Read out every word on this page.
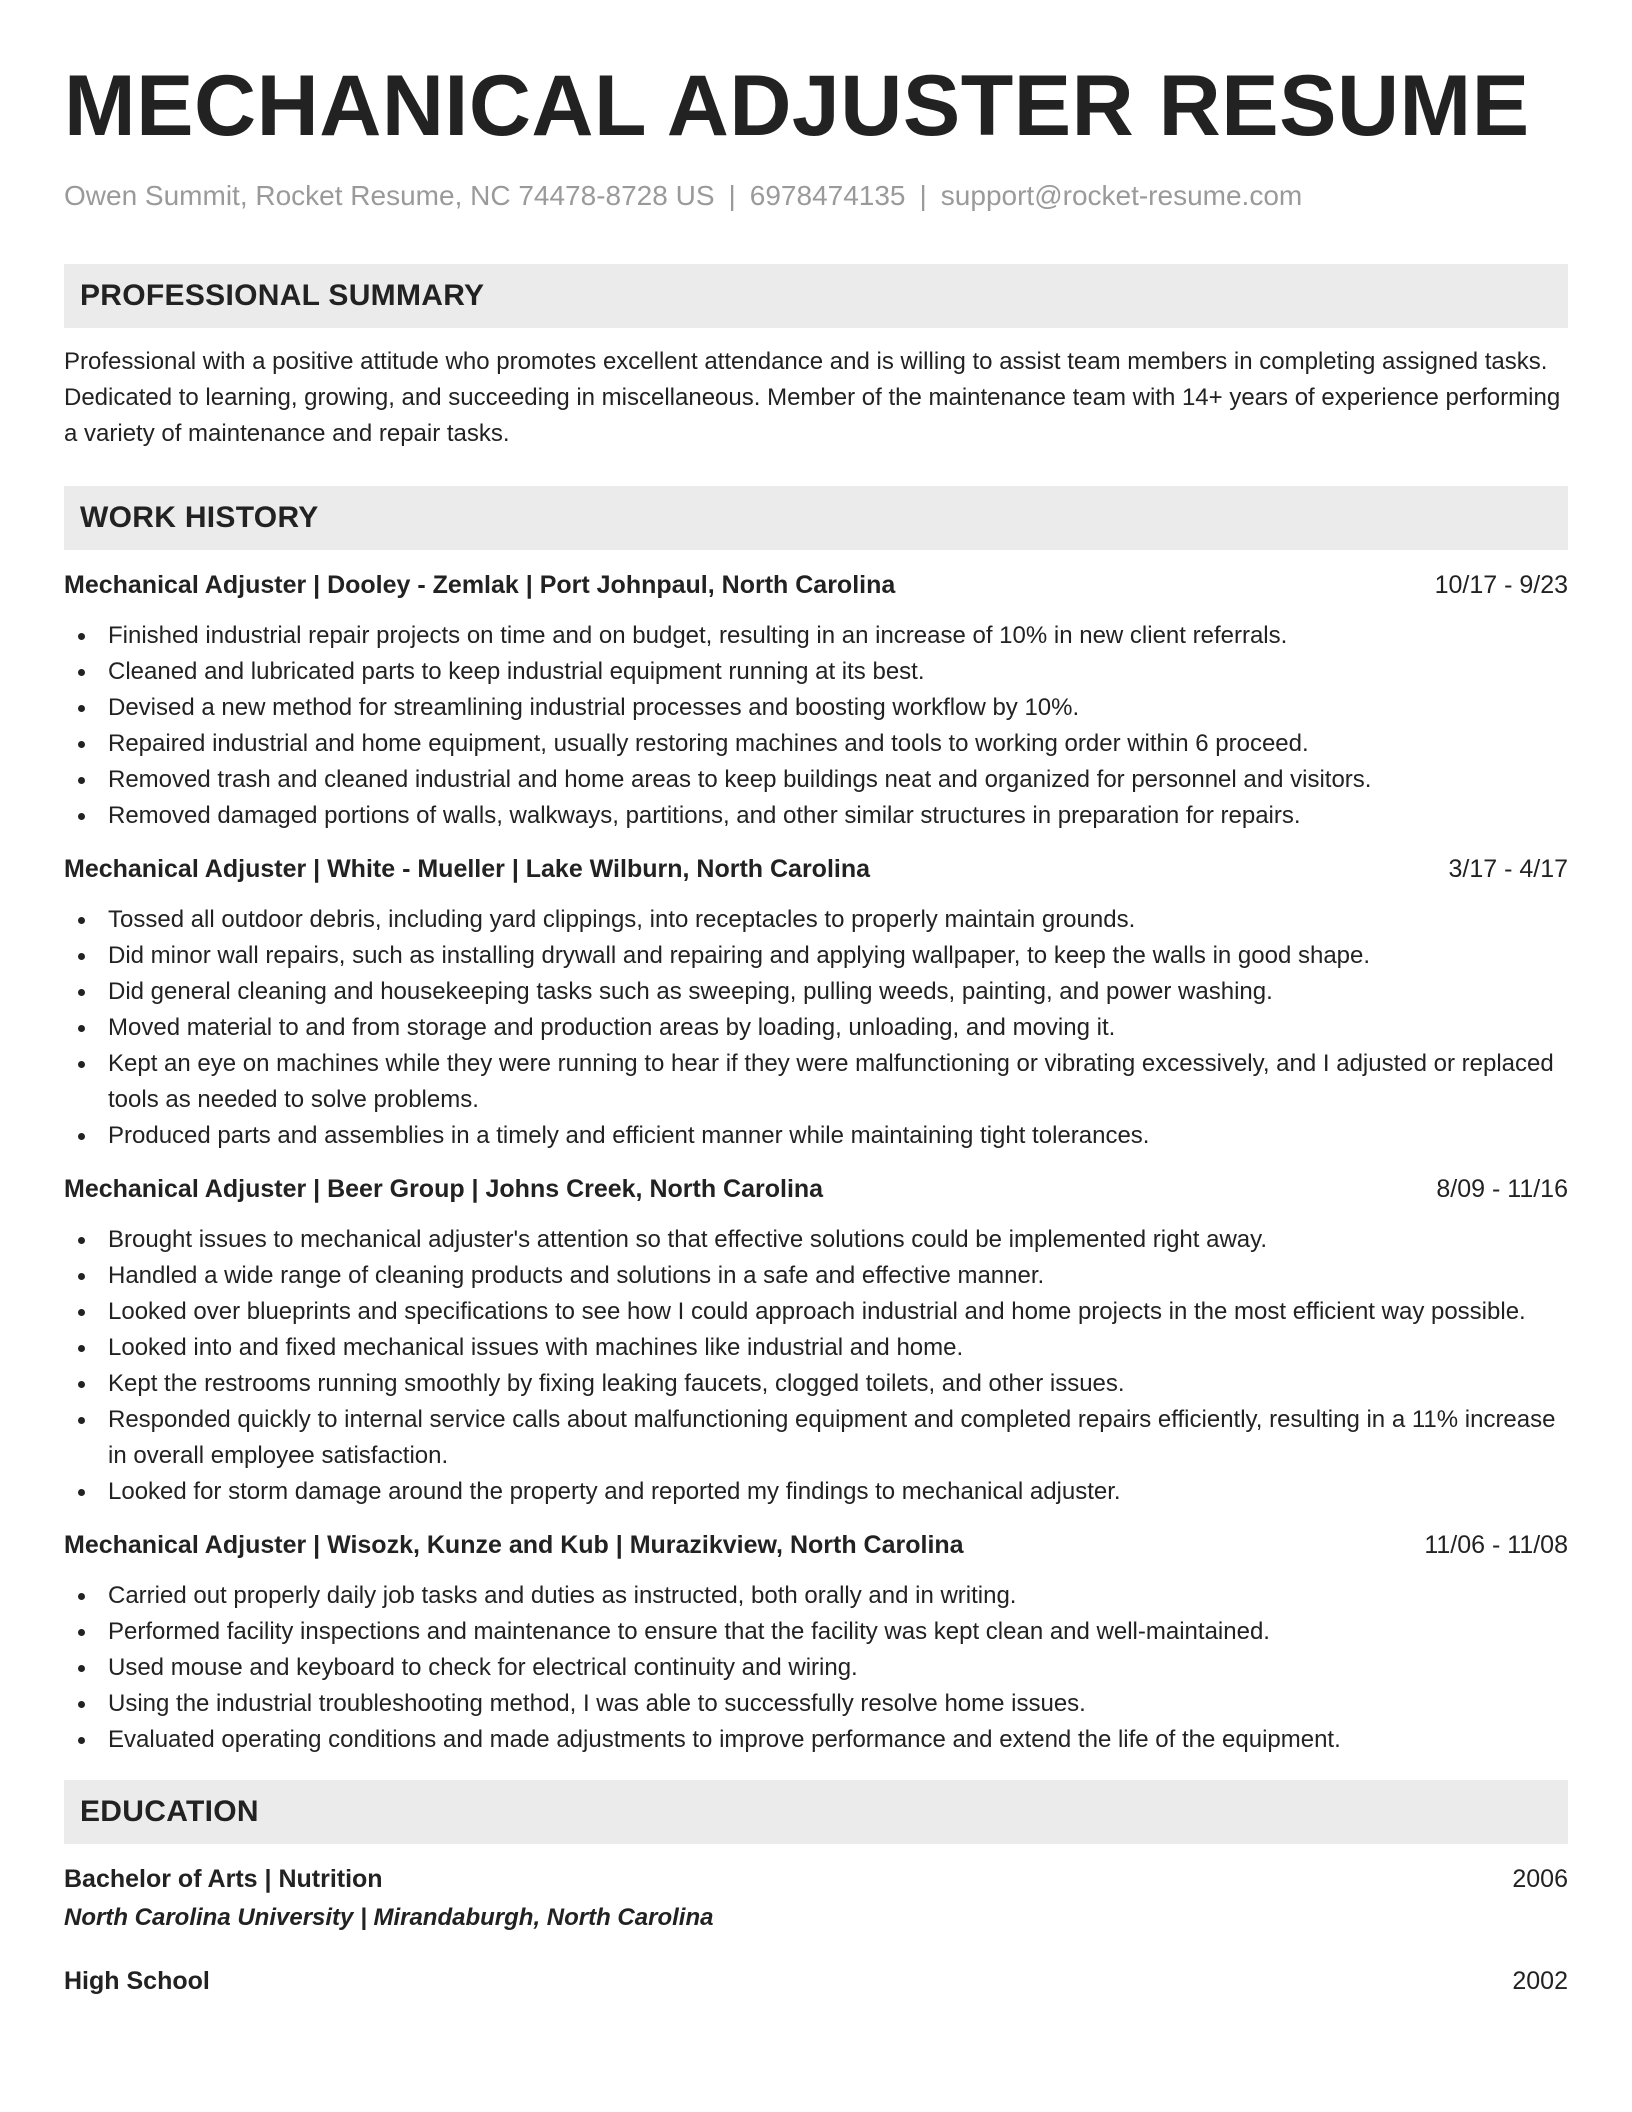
MECHANICAL ADJUSTER RESUME
Owen Summit, Rocket Resume, NC 74478-8728 US | 6978474135 | support@rocket-resume.com
PROFESSIONAL SUMMARY
Professional with a positive attitude who promotes excellent attendance and is willing to assist team members in completing assigned tasks. Dedicated to learning, growing, and succeeding in miscellaneous. Member of the maintenance team with 14+ years of experience performing a variety of maintenance and repair tasks.
WORK HISTORY
Mechanical Adjuster | Dooley - Zemlak | Port Johnpaul, North Carolina	10/17 - 9/23
Finished industrial repair projects on time and on budget, resulting in an increase of 10% in new client referrals.
Cleaned and lubricated parts to keep industrial equipment running at its best.
Devised a new method for streamlining industrial processes and boosting workflow by 10%.
Repaired industrial and home equipment, usually restoring machines and tools to working order within 6 proceed.
Removed trash and cleaned industrial and home areas to keep buildings neat and organized for personnel and visitors.
Removed damaged portions of walls, walkways, partitions, and other similar structures in preparation for repairs.
Mechanical Adjuster | White - Mueller | Lake Wilburn, North Carolina	3/17 - 4/17
Tossed all outdoor debris, including yard clippings, into receptacles to properly maintain grounds.
Did minor wall repairs, such as installing drywall and repairing and applying wallpaper, to keep the walls in good shape.
Did general cleaning and housekeeping tasks such as sweeping, pulling weeds, painting, and power washing.
Moved material to and from storage and production areas by loading, unloading, and moving it.
Kept an eye on machines while they were running to hear if they were malfunctioning or vibrating excessively, and I adjusted or replaced tools as needed to solve problems.
Produced parts and assemblies in a timely and efficient manner while maintaining tight tolerances.
Mechanical Adjuster | Beer Group | Johns Creek, North Carolina	8/09 - 11/16
Brought issues to mechanical adjuster's attention so that effective solutions could be implemented right away.
Handled a wide range of cleaning products and solutions in a safe and effective manner.
Looked over blueprints and specifications to see how I could approach industrial and home projects in the most efficient way possible.
Looked into and fixed mechanical issues with machines like industrial and home.
Kept the restrooms running smoothly by fixing leaking faucets, clogged toilets, and other issues.
Responded quickly to internal service calls about malfunctioning equipment and completed repairs efficiently, resulting in a 11% increase in overall employee satisfaction.
Looked for storm damage around the property and reported my findings to mechanical adjuster.
Mechanical Adjuster | Wisozk, Kunze and Kub | Murazikview, North Carolina	11/06 - 11/08
Carried out properly daily job tasks and duties as instructed, both orally and in writing.
Performed facility inspections and maintenance to ensure that the facility was kept clean and well-maintained.
Used mouse and keyboard to check for electrical continuity and wiring.
Using the industrial troubleshooting method, I was able to successfully resolve home issues.
Evaluated operating conditions and made adjustments to improve performance and extend the life of the equipment.
EDUCATION
Bachelor of Arts | Nutrition	2006
North Carolina University | Mirandaburgh, North Carolina
High School	2002
